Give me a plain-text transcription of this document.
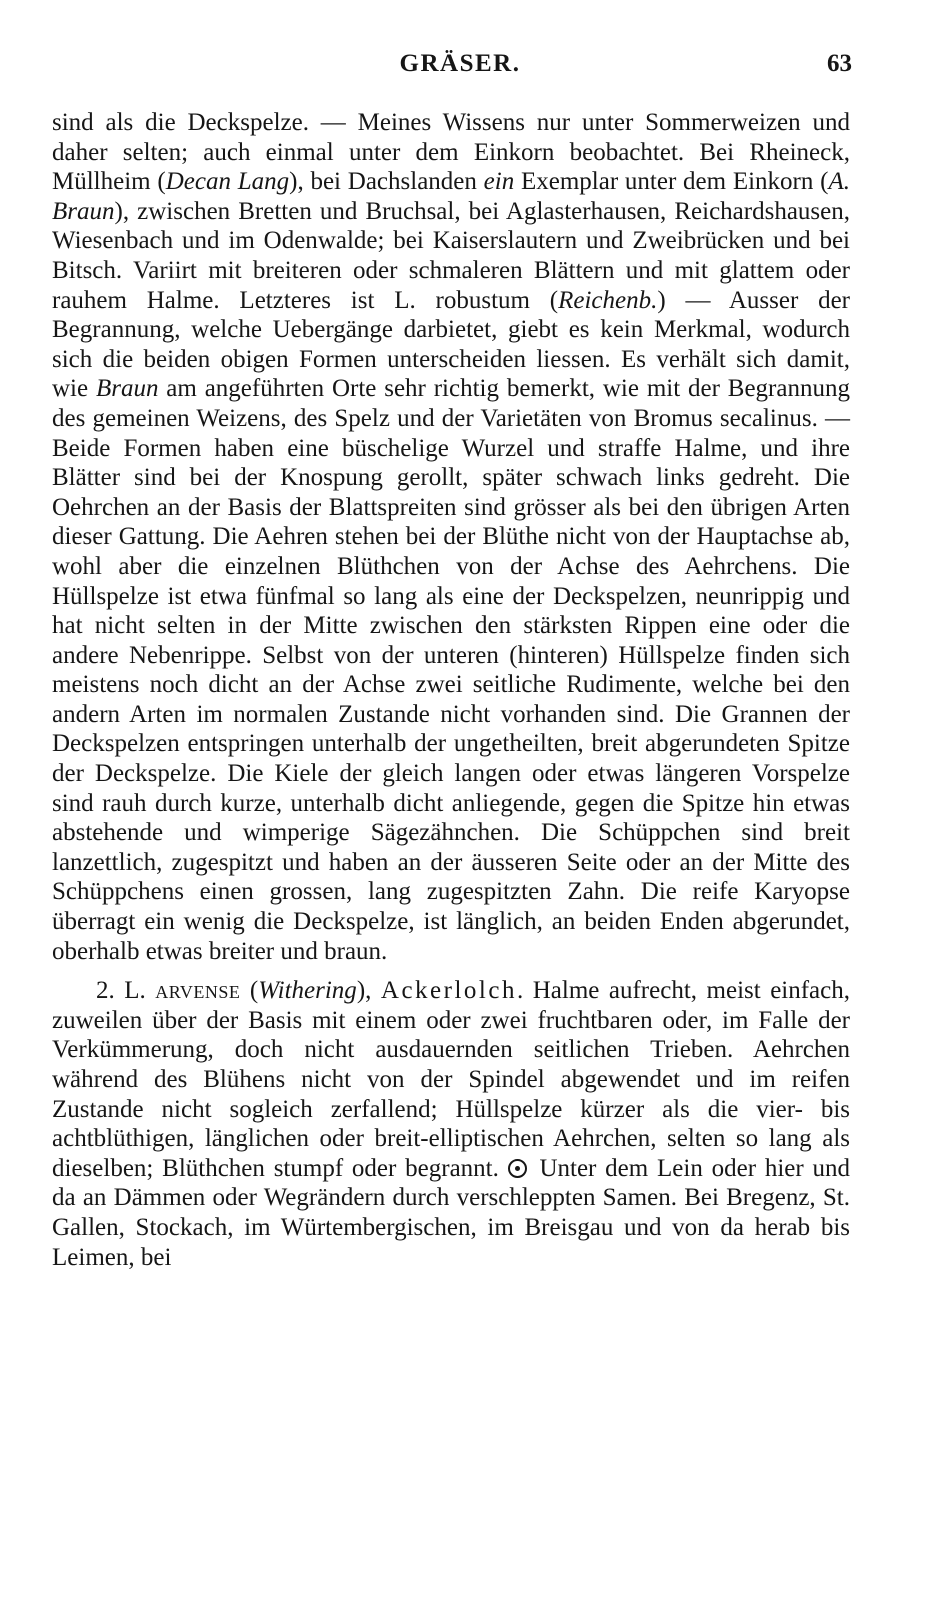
GRÄSER.	63

sind als die Deckspelze. — Meines Wissens nur unter Sommerweizen und daher selten; auch einmal unter dem Einkorn beobachtet. Bei Rheineck, Müllheim (Decan Lang), bei Dachslanden ein Exemplar unter dem Einkorn (A. Braun), zwischen Bretten und Bruchsal, bei Aglasterhausen, Reichardshausen, Wiesenbach und im Odenwalde; bei Kaiserslautern und Zweibrücken und bei Bitsch. Variirt mit breiteren oder schmaleren Blättern und mit glattem oder rauhem Halme. Letzteres ist L. robustum (Reichenb.) — Ausser der Begrannung, welche Uebergänge darbietet, giebt es kein Merkmal, wodurch sich die beiden obigen Formen unterscheiden liessen. Es verhält sich damit, wie Braun am angeführten Orte sehr richtig bemerkt, wie mit der Begrannung des gemeinen Weizens, des Spelz und der Varietäten von Bromus secalinus. — Beide Formen haben eine büschelige Wurzel und straffe Halme, und ihre Blätter sind bei der Knospung gerollt, später schwach links gedreht. Die Oehrchen an der Basis der Blattspreiten sind grösser als bei den übrigen Arten dieser Gattung. Die Aehren stehen bei der Blüthe nicht von der Hauptachse ab, wohl aber die einzelnen Blüthchen von der Achse des Aehrchens. Die Hüllspelze ist etwa fünfmal so lang als eine der Deckspelzen, neunrippig und hat nicht selten in der Mitte zwischen den stärksten Rippen eine oder die andere Nebenrippe. Selbst von der unteren (hinteren) Hüllspelze finden sich meistens noch dicht an der Achse zwei seitliche Rudimente, welche bei den andern Arten im normalen Zustande nicht vorhanden sind. Die Grannen der Deckspelzen entspringen unterhalb der ungetheilten, breit abgerundeten Spitze der Deckspelze. Die Kiele der gleich langen oder etwas längeren Vorspelze sind rauh durch kurze, unterhalb dicht anliegende, gegen die Spitze hin etwas abstehende und wimperige Sägezähnchen. Die Schüppchen sind breit lanzettlich, zugespitzt und haben an der äusseren Seite oder an der Mitte des Schüppchens einen grossen, lang zugespitzten Zahn. Die reife Karyopse überragt ein wenig die Deckspelze, ist länglich, an beiden Enden abgerundet, oberhalb etwas breiter und braun.

2. L. arvense (Withering), Ackerlolch. Halme aufrecht, meist einfach, zuweilen über der Basis mit einem oder zwei fruchtbaren oder, im Falle der Verkümmerung, doch nicht ausdauernden seitlichen Trieben. Aehrchen während des Blühens nicht von der Spindel abgewendet und im reifen Zustande nicht sogleich zerfallend; Hüllspelze kürzer als die vier- bis achtblüthigen, länglichen oder breit-elliptischen Aehrchen, selten so lang als dieselben; Blüthchen stumpf oder begrannt.  Unter dem Lein oder hier und da an Dämmen oder Wegrändern durch verschleppten Samen. Bei Bregenz, St. Gallen, Stockach, im Würtembergischen, im Breisgau und von da herab bis Leimen, bei
